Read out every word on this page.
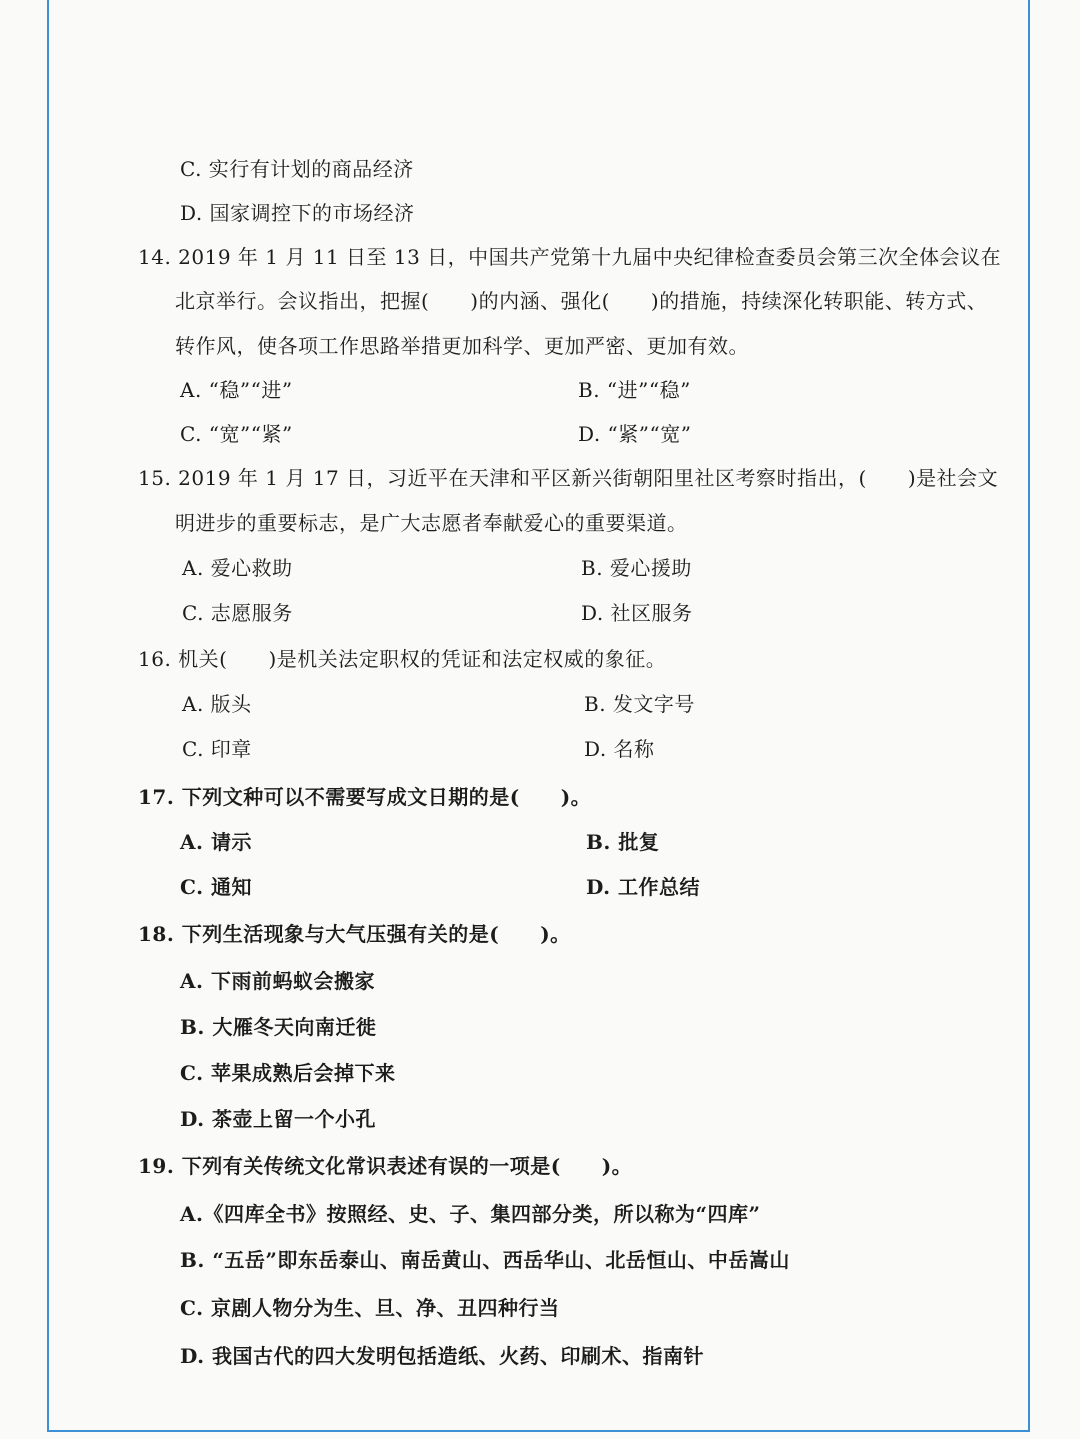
C. 实行有计划的商品经济
D. 国家调控下的市场经济
14. 2019 年 1 月 11 日至 13 日，中国共产党第十九届中央纪律检查委员会第三次全体会议在
北京举行。会议指出，把握(　　)的内涵、强化(　　)的措施，持续深化转职能、转方式、
转作风，使各项工作思路举措更加科学、更加严密、更加有效。
A. “稳”“进”	B. “进”“稳”
C. “宽”“紧”	D. “紧”“宽”
15. 2019 年 1 月 17 日，习近平在天津和平区新兴街朝阳里社区考察时指出，(　　)是社会文
明进步的重要标志，是广大志愿者奉献爱心的重要渠道。
A. 爱心救助	B. 爱心援助
C. 志愿服务	D. 社区服务
16. 机关(　　)是机关法定职权的凭证和法定权威的象征。
A. 版头	B. 发文字号
C. 印章	D. 名称
17. 下列文种可以不需要写成文日期的是(　　)。
A. 请示	B. 批复
C. 通知	D. 工作总结
18. 下列生活现象与大气压强有关的是(　　)。
A. 下雨前蚂蚁会搬家
B. 大雁冬天向南迁徙
C. 苹果成熟后会掉下来
D. 茶壶上留一个小孔
19. 下列有关传统文化常识表述有误的一项是(　　)。
A.《四库全书》按照经、史、子、集四部分类，所以称为“四库”
B. “五岳”即东岳泰山、南岳黄山、西岳华山、北岳恒山、中岳嵩山
C. 京剧人物分为生、旦、净、丑四种行当
D. 我国古代的四大发明包括造纸、火药、印刷术、指南针
